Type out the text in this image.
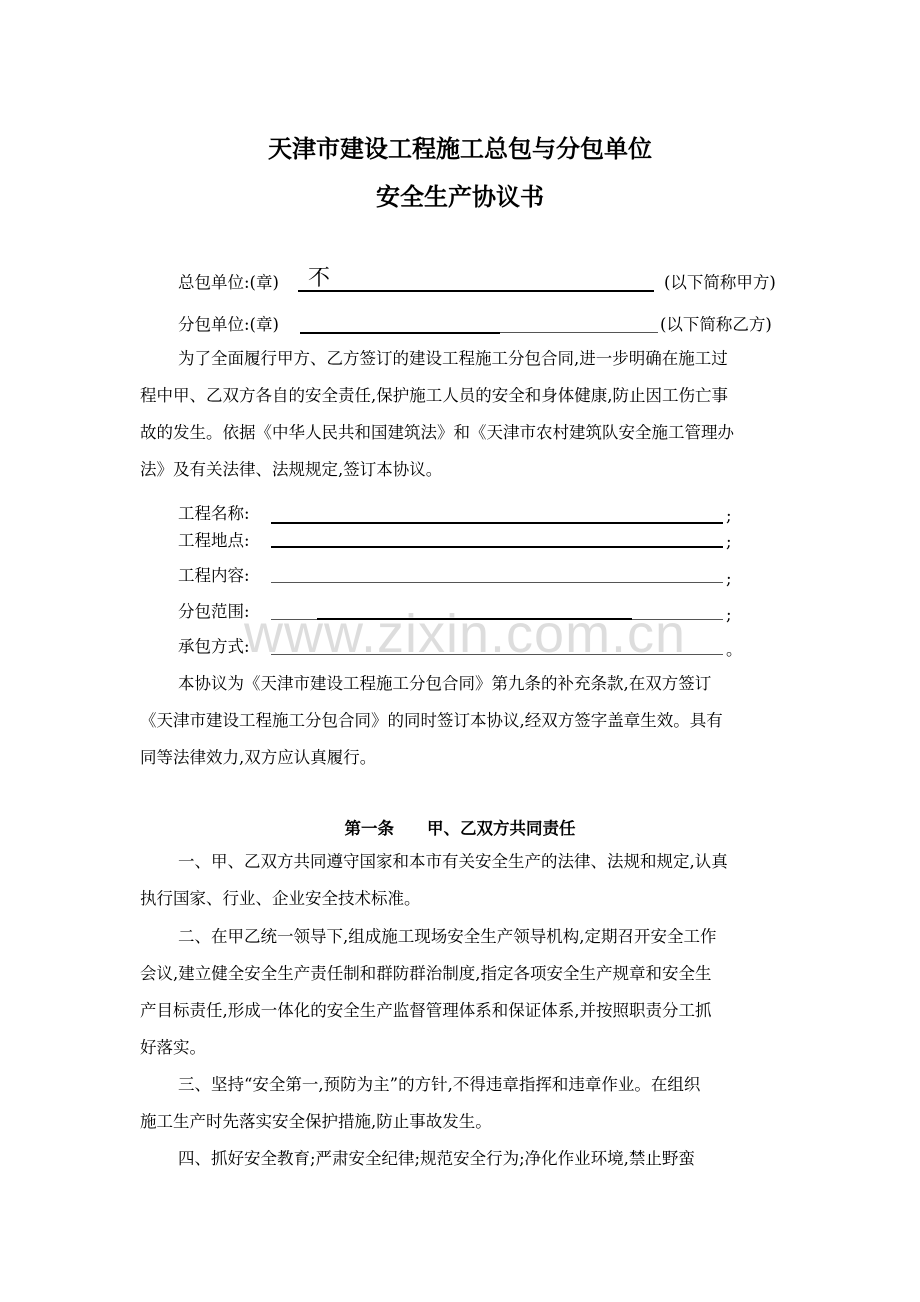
天津市建设工程施工总包与分包单位
安全生产协议书
总包单位:(章) 不	(以下简称甲方)
分包单位:(章)	(以下简称乙方)
为了全面履行甲方、乙方签订的建设工程施工分包合同,进一步明确在施工过
程中甲、乙双方各自的安全责任,保护施工人员的安全和身体健康,防止因工伤亡事
故的发生。依据《中华人民共和国建筑法》和《天津市农村建筑队安全施工管理办
法》及有关法律、法规规定,签订本协议。
工程名称:	;
工程地点:	;
工程内容:	;
分包范围:	;
承包方式:	。
本协议为《天津市建设工程施工分包合同》第九条的补充条款,在双方签订
《天津市建设工程施工分包合同》的同时签订本协议,经双方签字盖章生效。具有
同等法律效力,双方应认真履行。
第一条　　甲、乙双方共同责任
一、甲、乙双方共同遵守国家和本市有关安全生产的法律、法规和规定,认真
执行国家、行业、企业安全技术标准。
二、在甲乙统一领导下,组成施工现场安全生产领导机构,定期召开安全工作
会议,建立健全安全生产责任制和群防群治制度,指定各项安全生产规章和安全生
产目标责任,形成一体化的安全生产监督管理体系和保证体系,并按照职责分工抓
好落实。
三、坚持“安全第一,预防为主”的方针,不得违章指挥和违章作业。在组织
施工生产时先落实安全保护措施,防止事故发生。
四、抓好安全教育;严肃安全纪律;规范安全行为;净化作业环境,禁止野蛮
www.zixin.com.cn
